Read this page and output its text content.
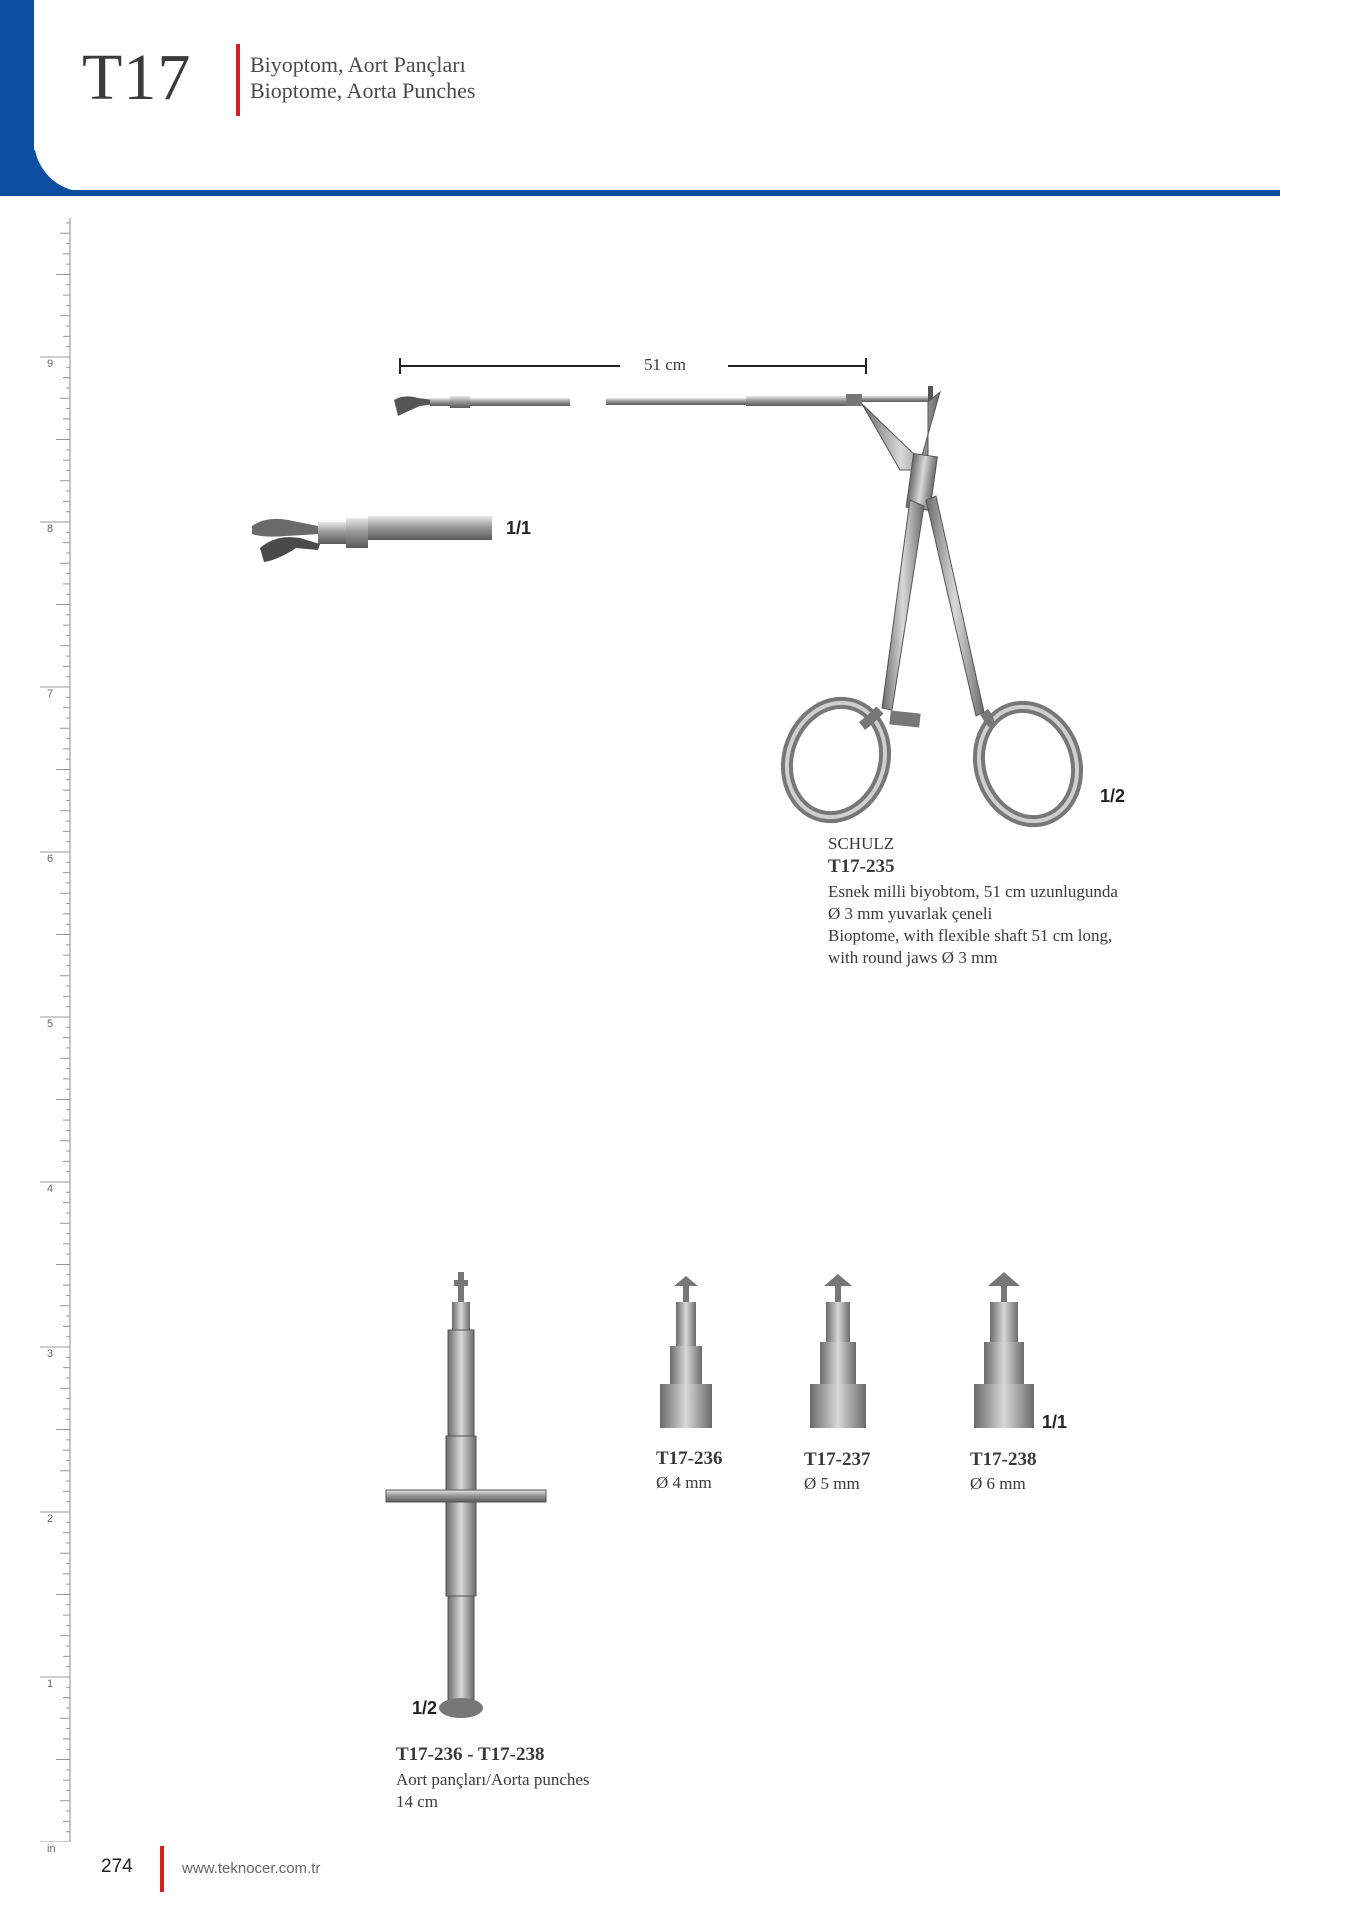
T17	Biyoptom, Aort Pançları
Bioptome, Aorta Punches
9
8
7
6
5
4
3
2
1
in
51 cm
1/1
1/2
SCHULZ
T17-235
Esnek milli biyobtom, 51 cm uzunlugunda
Ø 3 mm yuvarlak çeneli
Bioptome, with flexible shaft 51 cm long,
with round jaws Ø 3 mm
1/2
1/1
T17-236
Ø 4 mm
T17-237
Ø 5 mm
T17-238
Ø 6 mm
T17-236 - T17-238
Aort pançları/Aorta punches
14 cm
274	www.teknocer.com.tr
